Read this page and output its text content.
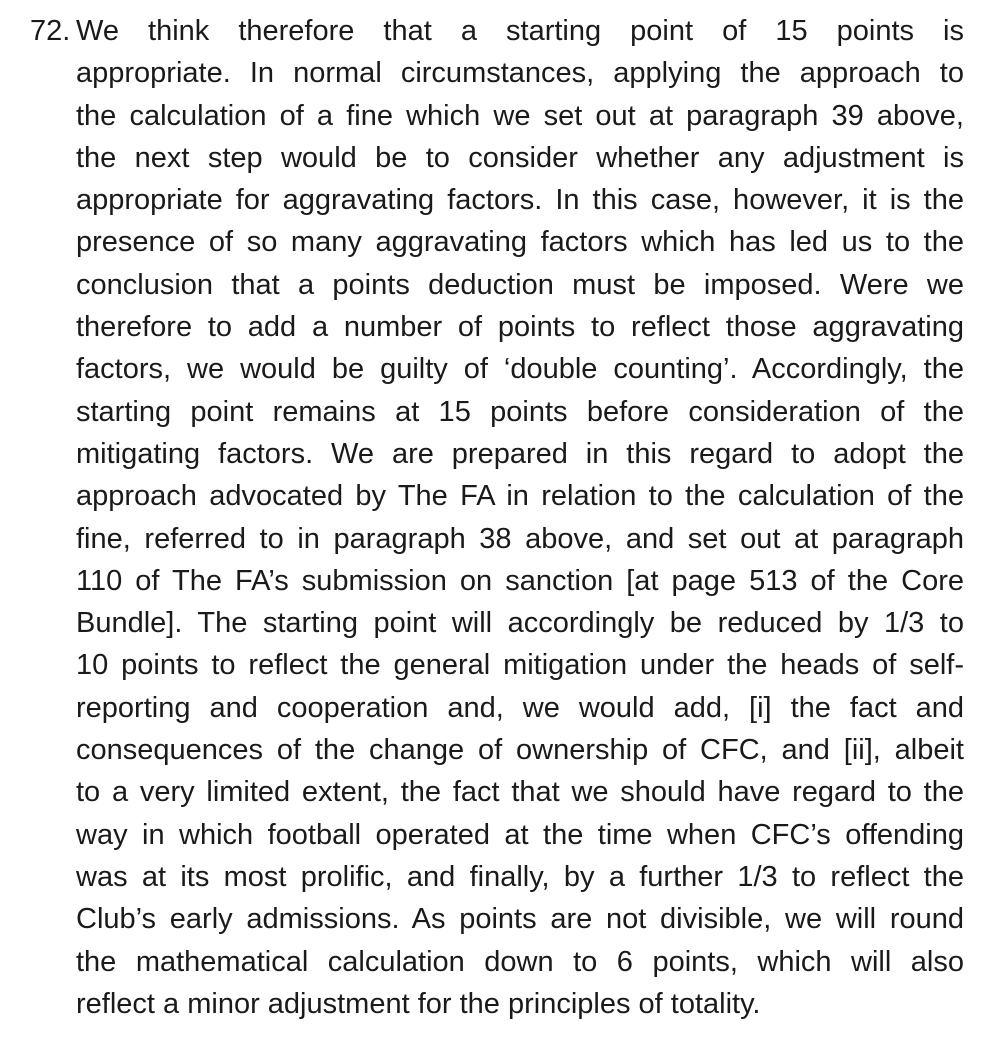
72. We think therefore that a starting point of 15 points is
appropriate. In normal circumstances, applying the approach to
the calculation of a fine which we set out at paragraph 39 above,
the next step would be to consider whether any adjustment is
appropriate for aggravating factors. In this case, however, it is the
presence of so many aggravating factors which has led us to the
conclusion that a points deduction must be imposed. Were we
therefore to add a number of points to reflect those aggravating
factors, we would be guilty of ‘double counting’. Accordingly, the
starting point remains at 15 points before consideration of the
mitigating factors. We are prepared in this regard to adopt the
approach advocated by The FA in relation to the calculation of the
fine, referred to in paragraph 38 above, and set out at paragraph
110 of The FA’s submission on sanction [at page 513 of the Core
Bundle]. The starting point will accordingly be reduced by 1/3 to
10 points to reflect the general mitigation under the heads of self-
reporting and cooperation and, we would add, [i] the fact and
consequences of the change of ownership of CFC, and [ii], albeit
to a very limited extent, the fact that we should have regard to the
way in which football operated at the time when CFC’s offending
was at its most prolific, and finally, by a further 1/3 to reflect the
Club’s early admissions. As points are not divisible, we will round
the mathematical calculation down to 6 points, which will also
reflect a minor adjustment for the principles of totality.
